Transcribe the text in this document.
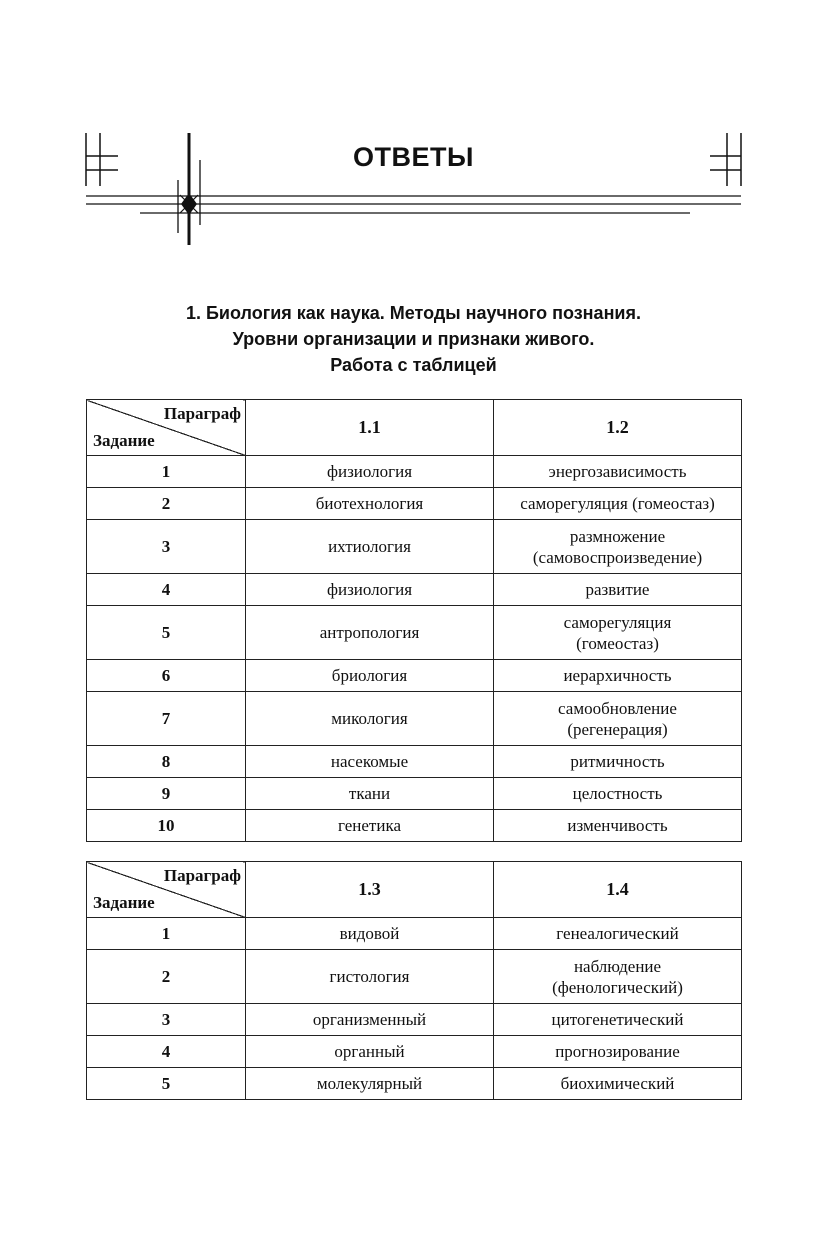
ОТВЕТЫ
1. Биология как наука. Методы научного познания.
Уровни организации и признаки живого.
Работа с таблицей
Параграф
Задание	1.1	1.2
1	физиология	энергозависимость
2	биотехнология	саморегуляция (гомеостаз)
3	ихтиология	размножение
(самовоспроизведение)

4	физиология	развитие
5	антропология	саморегуляция
(гомеостаз)

6	бриология	иерархичность
7	микология	самообновление
(регенерация)

8	насекомые	ритмичность
9	ткани	целостность
10	генетика	изменчивость
Параграф
Задание	1.3	1.4
1	видовой	генеалогический
2	гистология	наблюдение
(фенологический)

3	организменный	цитогенетический
4	органный	прогнозирование
5	молекулярный	биохимический
